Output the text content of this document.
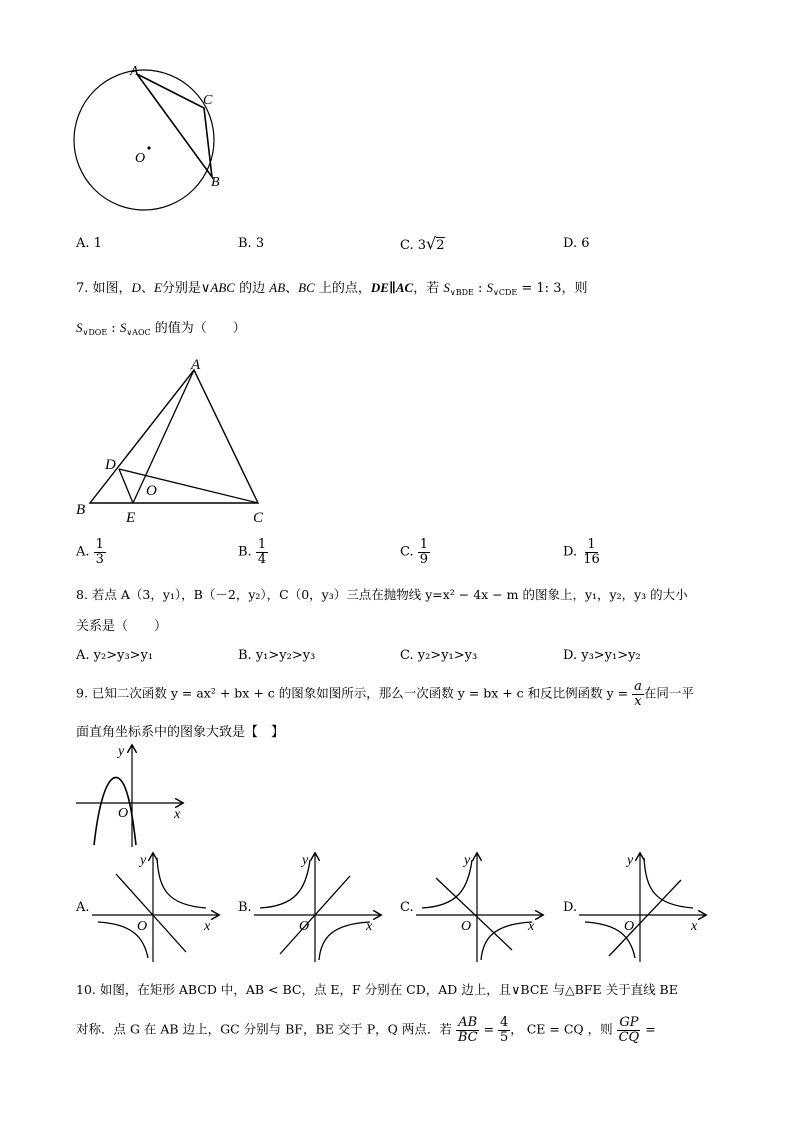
A
C
O
B
A. 1	B. 3	C. 3√2	D. 6
7. 如图，D、E分别是∨ABC 的边 AB、BC 上的点，DE∥AC，若 $S_{\vee BDE}$ : $S_{\vee CDE} = 1$: 3，则
$S_{\vee DOE}$ : $S_{\vee AOC}$ 的值为（　　）
A
D
O
B	E	C
A. $\frac{1}{3}$	B. $\frac{1}{4}$	C. $\frac{1}{9}$	D. $\frac{1}{16}$
8. 若点 A（3，y₁），B（－2，y₂），C（0，y₃）三点在抛物线 y=x² − 4x − m 的图象上，y₁，y₂，y₃ 的大小
关系是（　　）
A. y₂>y₃>y₁	B. y₁>y₂>y₃	C. y₂>y₁>y₃	D. y₃>y₁>y₂
9. 已知二次函数 y = ax² + bx + c 的图象如图所示，那么一次函数 y = bx + c 和反比例函数 $y = \frac{a}{x}$ 在同一平
面直角坐标系中的图象大致是【　】
y
x
O
A.
y
x
O
B.
y
x
O
C.
y
x
O
D.
y
x
O
10. 如图，在矩形 ABCD 中，AB < BC，点 E，F 分别在 CD，AD 边上，且∨BCE 与△BFE 关于直线 BE
对称．点 G 在 AB 边上，GC 分别与 BF，BE 交于 P，Q 两点．若 $\frac{AB}{BC} = \frac{4}{5}$ ， CE = CQ ，则 $\frac{GP}{CQ}$ =
